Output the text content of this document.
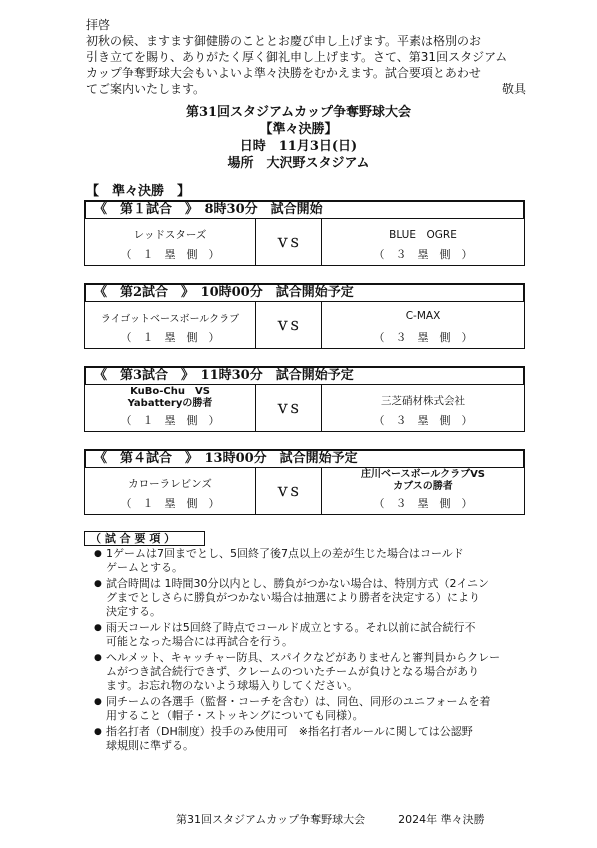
拝啓
初秋の候、ますます御健勝のこととお慶び申し上げます。平素は格別のお
引き立てを賜り、ありがたく厚く御礼申し上げます。さて、第31回スタジアム
カップ争奪野球大会もいよいよ準々決勝をむかえます。試合要項とあわせ
てご案内いたします。	敬具
第31回スタジアムカップ争奪野球大会
【準々決勝】
日時　11月3日(日)
場所　大沢野スタジアム
【　準々決勝　】
《　第１試合　》　8時30分　試合開始
レッドスターズ
（　１　塁　側　）
ＶＳ
BLUE　OGRE
（　３　塁　側　）
《　第2試合　》　10時00分　試合開始予定
ライゴットベースボールクラブ
（　１　塁　側　）
ＶＳ
C-MAX
（　３　塁　側　）
《　第3試合　》　11時30分　試合開始予定
KuBo-Chu　VS
Yabatteryの勝者
（　１　塁　側　）
ＶＳ
三芝硝材株式会社
（　３　塁　側　）
《　第４試合　》　13時00分　試合開始予定
カローラレビンズ
（　１　塁　側　）
ＶＳ
庄川ベースボールクラブVS
カブスの勝者
（　３　塁　側　）
（ 試 合 要 項 ）
● 1ゲームは7回までとし、5回終了後7点以上の差が生じた場合はコールド
ゲームとする。
● 試合時間は 1時間30分以内とし、勝負がつかない場合は、特別方式（2イニン
グまでとしさらに勝負がつかない場合は抽選により勝者を決定する）により
決定する。
● 雨天コールドは5回終了時点でコールド成立とする。それ以前に試合続行不
可能となった場合には再試合を行う。
● ヘルメット、キャッチャー防具、スパイクなどがありませんと審判員からクレー
ムがつき試合続行できず、クレームのついたチームが負けとなる場合があり
ます。お忘れ物のないよう球場入りしてください。
● 同チームの各選手（監督・コーチを含む）は、同色、同形のユニフォームを着
用すること（帽子・ストッキングについても同様）。
● 指名打者（DH制度）投手のみ使用可　※指名打者ルールに関しては公認野
球規則に準ずる。
第31回スタジアムカップ争奪野球大会　　　2024年 準々決勝
